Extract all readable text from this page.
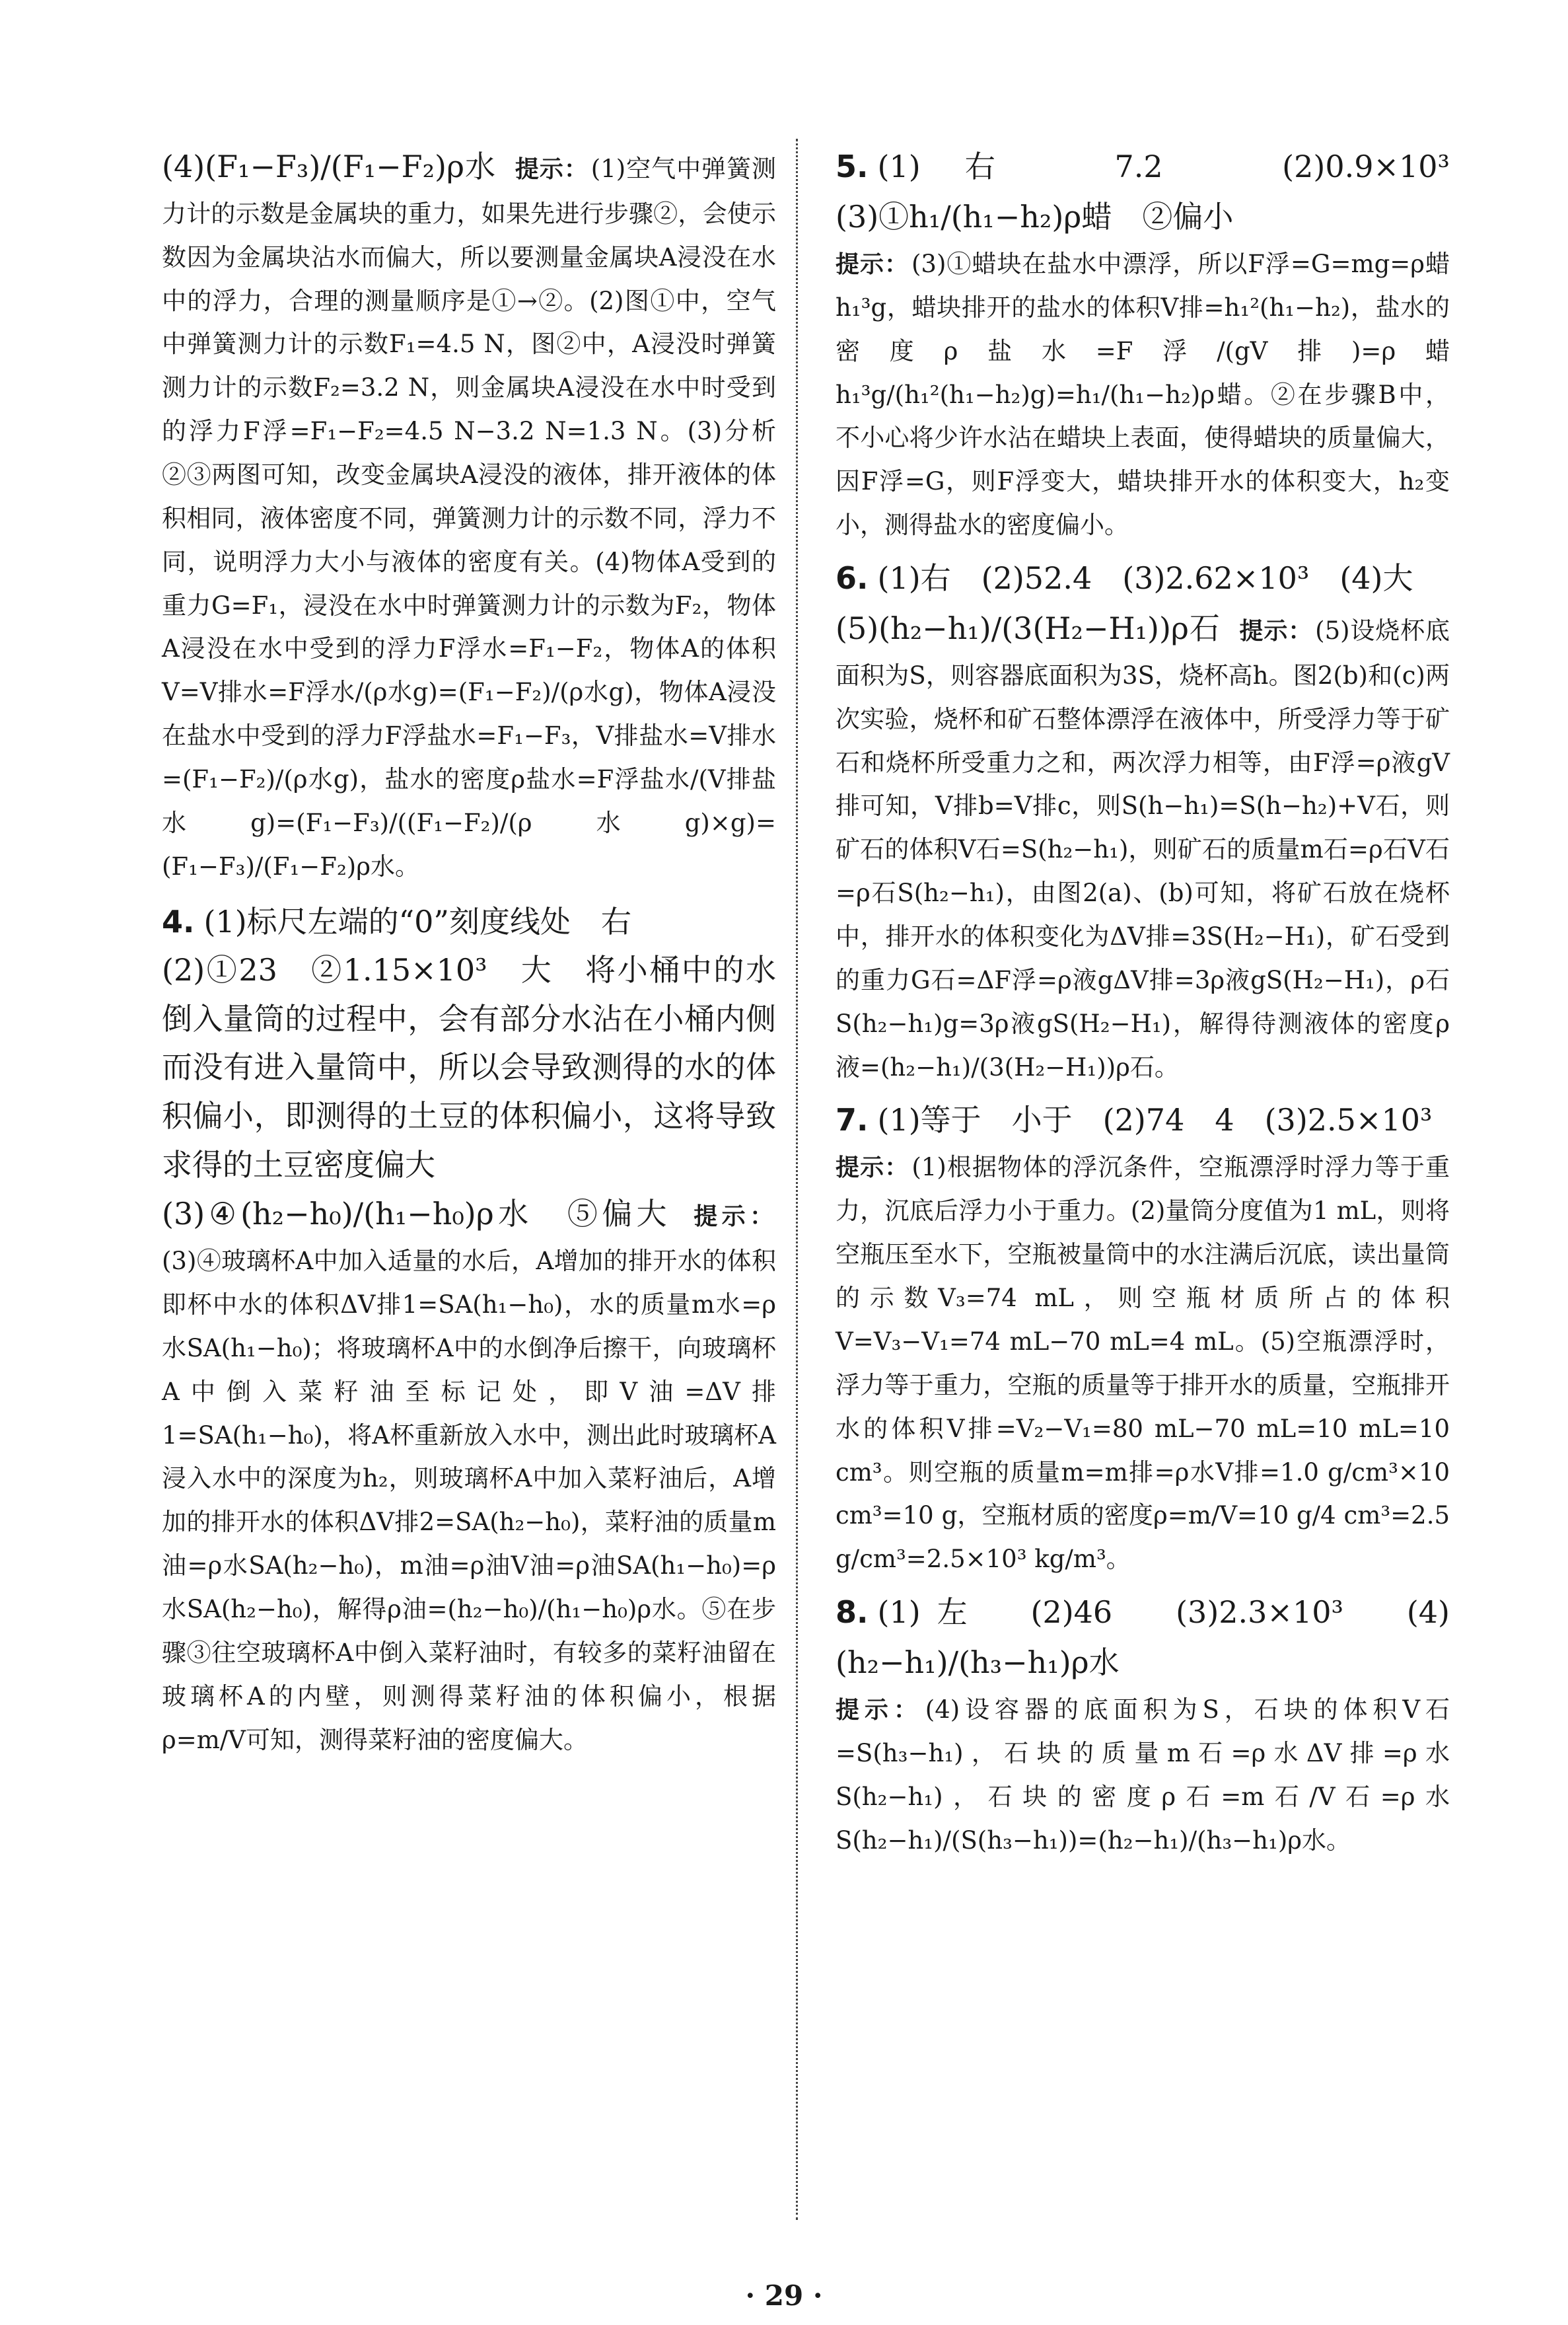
(4)(F₁−F₃)/(F₁−F₂)ρ水 提示： (1)空气中弹簧测力计的示数是金属块的重力，如果先进行步骤②，会使示数因为金属块沾水而偏大，所以要测量金属块A浸没在水中的浮力，合理的测量顺序是①→②。(2)图①中，空气中弹簧测力计的示数F₁=4.5 N，图②中，A浸没时弹簧测力计的示数F₂=3.2 N，则金属块A浸没在水中时受到的浮力F浮=F₁−F₂=4.5 N−3.2 N=1.3 N。(3)分析②③两图可知，改变金属块A浸没的液体，排开液体的体积相同，液体密度不同，弹簧测力计的示数不同，浮力不同，说明浮力大小与液体的密度有关。(4)物体A受到的重力G=F₁，浸没在水中时弹簧测力计的示数为F₂，物体A浸没在水中受到的浮力F浮水=F₁−F₂，物体A的体积V=V排水=F浮水/(ρ水g)=(F₁−F₂)/(ρ水g)，物体A浸没在盐水中受到的浮力F浮盐水=F₁−F₃，V排盐水=V排水=(F₁−F₂)/(ρ水g)，盐水的密度ρ盐水=F浮盐水/(V排盐水g)=(F₁−F₃)/((F₁−F₂)/(ρ水g)×g)=(F₁−F₃)/(F₁−F₂)ρ水。

4. (1)标尺左端的“0”刻度线处　右

(2)①23　②1.15×10³　大　将小桶中的水倒入量筒的过程中，会有部分水沾在小桶内侧而没有进入量筒中，所以会导致测得的水的体积偏小，即测得的土豆的体积偏小，这将导致求得的土豆密度偏大

(3)④(h₂−h₀)/(h₁−h₀)ρ水　⑤偏大 提示：(3)④玻璃杯A中加入适量的水后，A增加的排开水的体积即杯中水的体积ΔV排1=SA(h₁−h₀)，水的质量m水=ρ水SA(h₁−h₀)；将玻璃杯A中的水倒净后擦干，向玻璃杯A中倒入菜籽油至标记处，即V油=ΔV排1=SA(h₁−h₀)，将A杯重新放入水中，测出此时玻璃杯A浸入水中的深度为h₂，则玻璃杯A中加入菜籽油后，A增加的排开水的体积ΔV排2=SA(h₂−h₀)，菜籽油的质量m油=ρ水SA(h₂−h₀)，m油=ρ油V油=ρ油SA(h₁−h₀)=ρ水SA(h₂−h₀)，解得ρ油=(h₂−h₀)/(h₁−h₀)ρ水。⑤在步骤③往空玻璃杯A中倒入菜籽油时，有较多的菜籽油留在玻璃杯A的内壁，则测得菜籽油的体积偏小，根据ρ=m/V可知，测得菜籽油的密度偏大。

5. (1)右　7.2　(2)0.9×10³　(3)①h₁/(h₁−h₂)ρ蜡　②偏小

提示： (3)①蜡块在盐水中漂浮，所以F浮=G=mg=ρ蜡h₁³g，蜡块排开的盐水的体积V排=h₁²(h₁−h₂)，盐水的密度ρ盐水=F浮/(gV排)=ρ蜡h₁³g/(h₁²(h₁−h₂)g)=h₁/(h₁−h₂)ρ蜡。②在步骤B中，不小心将少许水沾在蜡块上表面，使得蜡块的质量偏大，因F浮=G，则F浮变大，蜡块排开水的体积变大，h₂变小，测得盐水的密度偏小。

6. (1)右　(2)52.4　(3)2.62×10³　(4)大

(5)(h₂−h₁)/(3(H₂−H₁))ρ石 提示： (5)设烧杯底面积为S，则容器底面积为3S，烧杯高h。图2(b)和(c)两次实验，烧杯和矿石整体漂浮在液体中，所受浮力等于矿石和烧杯所受重力之和，两次浮力相等，由F浮=ρ液gV排可知，V排b=V排c，则S(h−h₁)=S(h−h₂)+V石，则矿石的体积V石=S(h₂−h₁)，则矿石的质量m石=ρ石V石=ρ石S(h₂−h₁)，由图2(a)、(b)可知，将矿石放在烧杯中，排开水的体积变化为ΔV排=3S(H₂−H₁)，矿石受到的重力G石=ΔF浮=ρ液gΔV排=3ρ液gS(H₂−H₁)，ρ石S(h₂−h₁)g=3ρ液gS(H₂−H₁)，解得待测液体的密度ρ液=(h₂−h₁)/(3(H₂−H₁))ρ石。

7. (1)等于　小于　(2)74　4　(3)2.5×10³

提示： (1)根据物体的浮沉条件，空瓶漂浮时浮力等于重力，沉底后浮力小于重力。(2)量筒分度值为1 mL，则将空瓶压至水下，空瓶被量筒中的水注满后沉底，读出量筒的示数V₃=74 mL，则空瓶材质所占的体积V=V₃−V₁=74 mL−70 mL=4 mL。(5)空瓶漂浮时，浮力等于重力，空瓶的质量等于排开水的质量，空瓶排开水的体积V排=V₂−V₁=80 mL−70 mL=10 mL=10 cm³。则空瓶的质量m=m排=ρ水V排=1.0 g/cm³×10 cm³=10 g，空瓶材质的密度ρ=m/V=10 g/4 cm³=2.5 g/cm³=2.5×10³ kg/m³。

8. (1)左　(2)46　(3)2.3×10³　(4)(h₂−h₁)/(h₃−h₁)ρ水

提示： (4)设容器的底面积为S，石块的体积V石=S(h₃−h₁)，石块的质量m石=ρ水ΔV排=ρ水S(h₂−h₁)，石块的密度ρ石=m石/V石=ρ水S(h₂−h₁)/(S(h₃−h₁))=(h₂−h₁)/(h₃−h₁)ρ水。

· 29 ·
